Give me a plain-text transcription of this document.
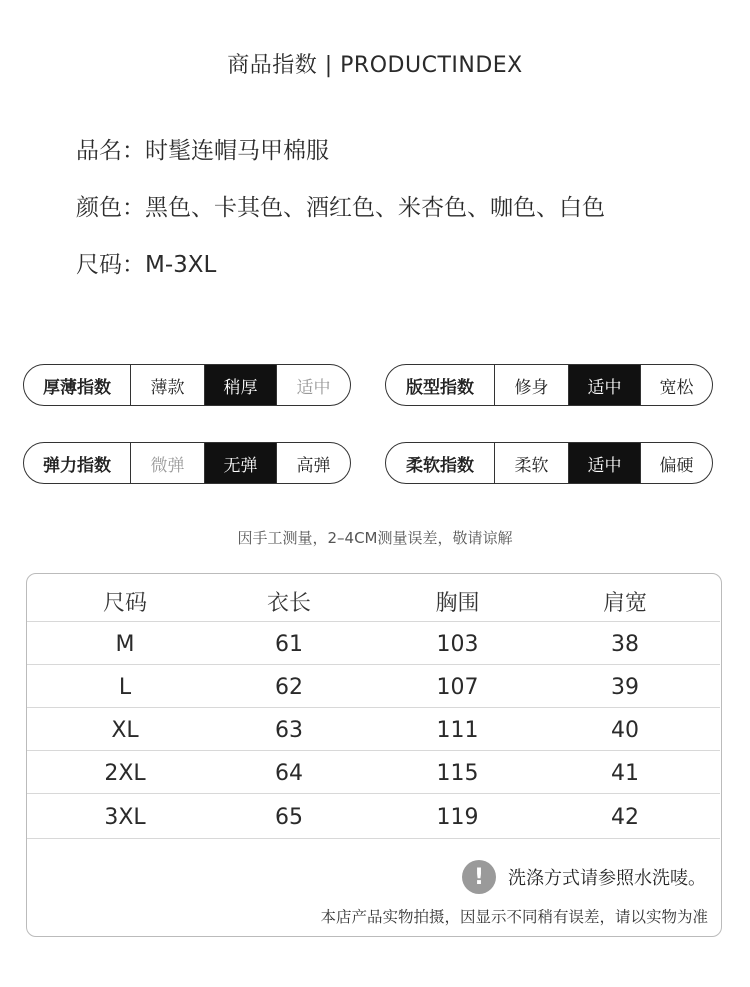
商品指数 | PRODUCTINDEX
品名：时髦连帽马甲棉服
颜色：黑色、卡其色、酒红色、米杏色、咖色、白色
尺码：M-3XL
厚薄指数	薄款	稍厚	适中	版型指数	修身	适中	宽松
弹力指数	微弹	无弹	高弹	柔软指数	柔软	适中	偏硬
因手工测量，2–4CM测量误差，敬请谅解
尺码	衣长	胸围	肩宽
M	61	103	38
L	62	107	39
XL	63	111	40
2XL	64	115	41
3XL	65	119	42
!	洗涤方式请参照水洗唛。
本店产品实物拍摄，因显示不同稍有误差，请以实物为准
